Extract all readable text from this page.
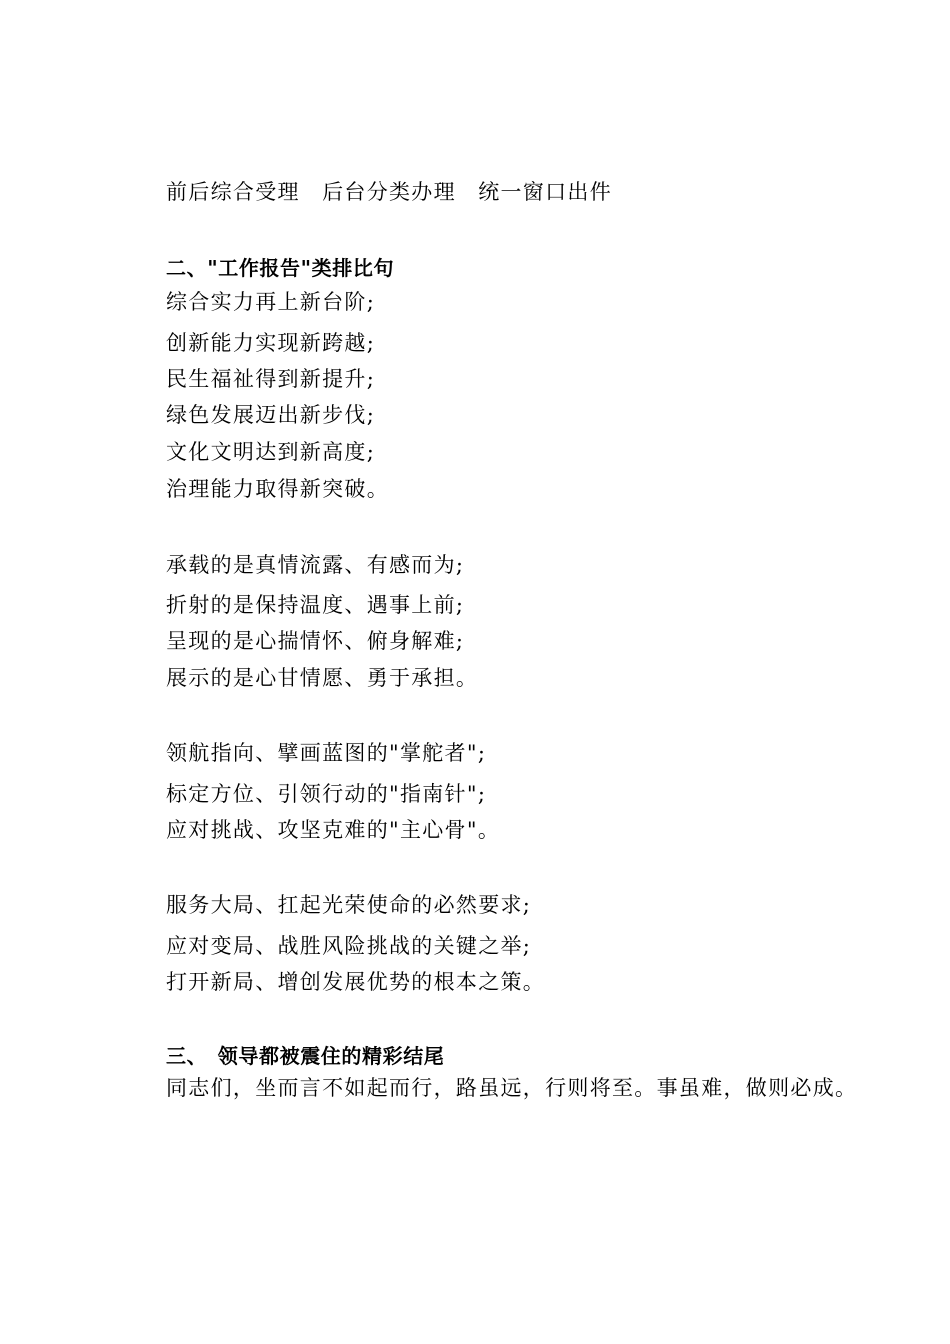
前后综合受理　后台分类办理　统一窗口出件
二、"工作报告"类排比句
综合实力再上新台阶;
创新能力实现新跨越;
民生福祉得到新提升;
绿色发展迈出新步伐;
文化文明达到新高度;
治理能力取得新突破。
承载的是真情流露、有感而为;
折射的是保持温度、遇事上前;
呈现的是心揣情怀、俯身解难;
展示的是心甘情愿、勇于承担。
领航指向、擘画蓝图的"掌舵者";
标定方位、引领行动的"指南针";
应对挑战、攻坚克难的"主心骨"。
服务大局、扛起光荣使命的必然要求;
应对变局、战胜风险挑战的关键之举;
打开新局、增创发展优势的根本之策。
三、　领导都被震住的精彩结尾
同志们，坐而言不如起而行，路虽远，行则将至。事虽难，做则必成。
